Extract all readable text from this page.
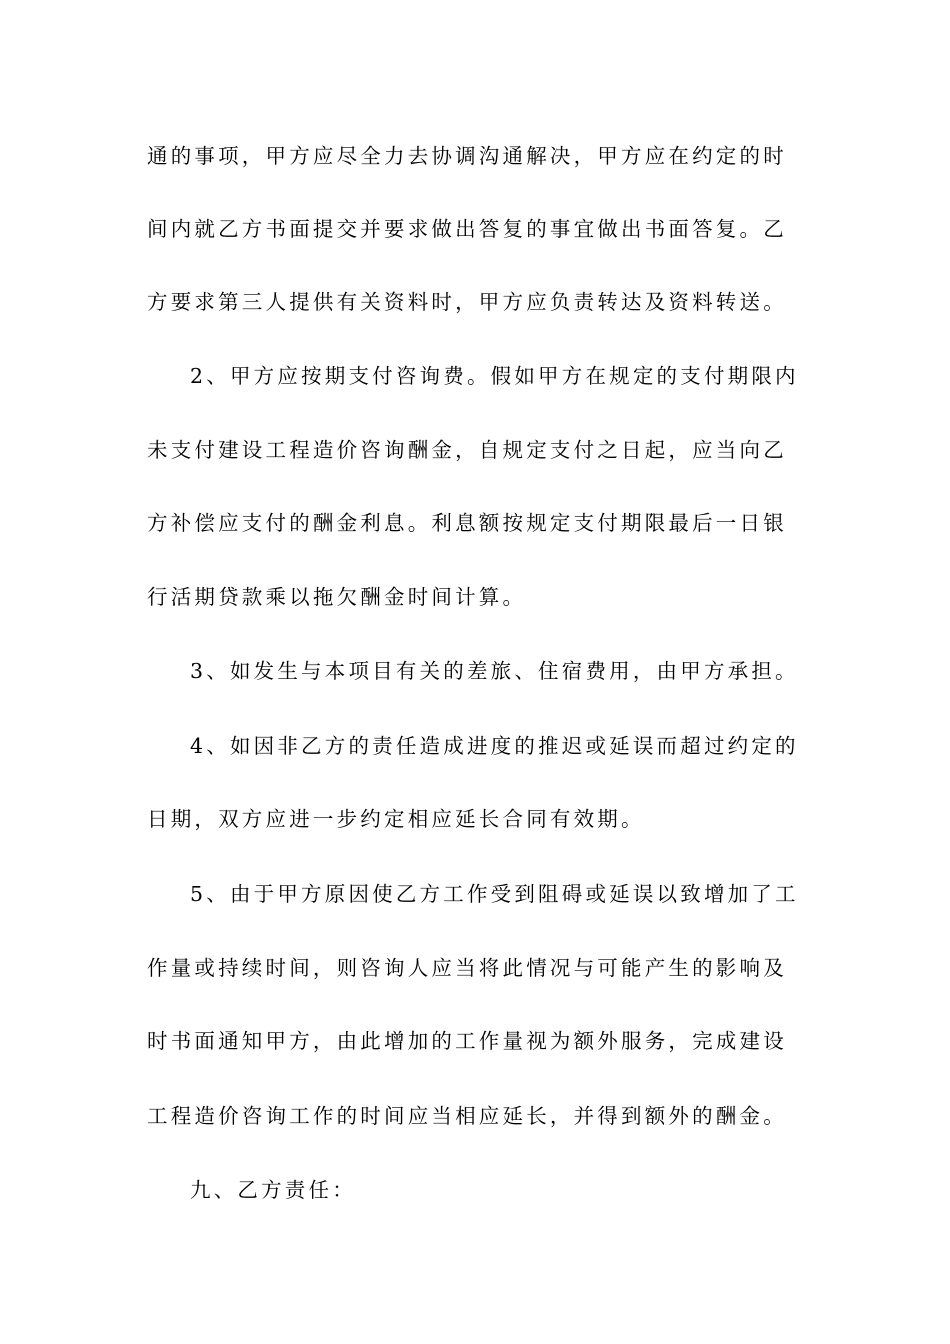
通的事项，甲方应尽全力去协调沟通解决，甲方应在约定的时
间内就乙方书面提交并要求做出答复的事宜做出书面答复。乙
方要求第三人提供有关资料时，甲方应负责转达及资料转送。
2、甲方应按期支付咨询费。假如甲方在规定的支付期限内
未支付建设工程造价咨询酬金，自规定支付之日起，应当向乙
方补偿应支付的酬金利息。利息额按规定支付期限最后一日银
行活期贷款乘以拖欠酬金时间计算。
3、如发生与本项目有关的差旅、住宿费用，由甲方承担。
4、如因非乙方的责任造成进度的推迟或延误而超过约定的
日期，双方应进一步约定相应延长合同有效期。
5、由于甲方原因使乙方工作受到阻碍或延误以致增加了工
作量或持续时间，则咨询人应当将此情况与可能产生的影响及
时书面通知甲方，由此增加的工作量视为额外服务，完成建设
工程造价咨询工作的时间应当相应延长，并得到额外的酬金。
九、乙方责任：
